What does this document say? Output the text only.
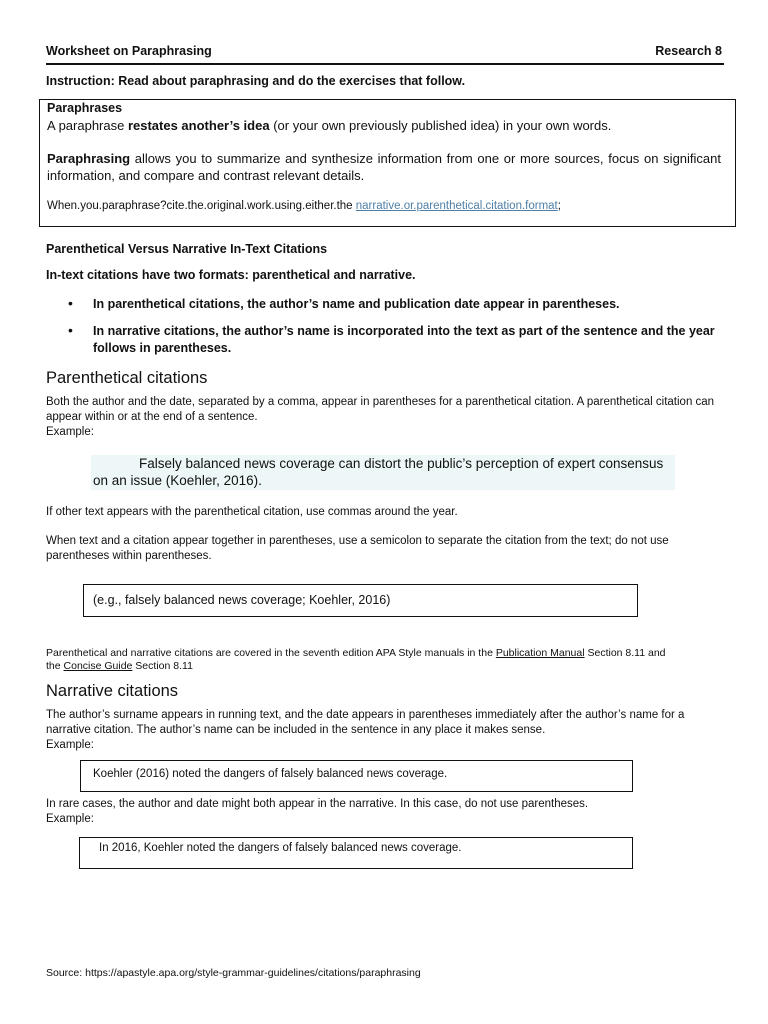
Worksheet on Paraphrasing	Research 8
Instruction: Read about paraphrasing and do the exercises that follow.
Paraphrases
A paraphrase restates another’s idea (or your own previously published idea) in your own words.
Paraphrasing allows you to summarize and synthesize information from one or more sources, focus on significant information, and compare and contrast relevant details.
When.you.paraphrase?cite.the.original.work.using.either.the narrative.or.parenthetical.citation.format;
Parenthetical Versus Narrative In-Text Citations
In-text citations have two formats: parenthetical and narrative.
• In parenthetical citations, the author’s name and publication date appear in parentheses.
• In narrative citations, the author’s name is incorporated into the text as part of the sentence and the year follows in parentheses.
Parenthetical citations
Both the author and the date, separated by a comma, appear in parentheses for a parenthetical citation. A parenthetical citation can appear within or at the end of a sentence.
Example:
Falsely balanced news coverage can distort the public’s perception of expert consensus on an issue (Koehler, 2016).
If other text appears with the parenthetical citation, use commas around the year.
When text and a citation appear together in parentheses, use a semicolon to separate the citation from the text; do not use parentheses within parentheses.
(e.g., falsely balanced news coverage; Koehler, 2016)
Parenthetical and narrative citations are covered in the seventh edition APA Style manuals in the Publication Manual Section 8.11 and
the Concise Guide Section 8.11
Narrative citations
The author’s surname appears in running text, and the date appears in parentheses immediately after the author’s name for a narrative citation. The author’s name can be included in the sentence in any place it makes sense.
Example:
Koehler (2016) noted the dangers of falsely balanced news coverage.
In rare cases, the author and date might both appear in the narrative. In this case, do not use parentheses.
Example:
In 2016, Koehler noted the dangers of falsely balanced news coverage.
Source: https://apastyle.apa.org/style-grammar-guidelines/citations/paraphrasing
